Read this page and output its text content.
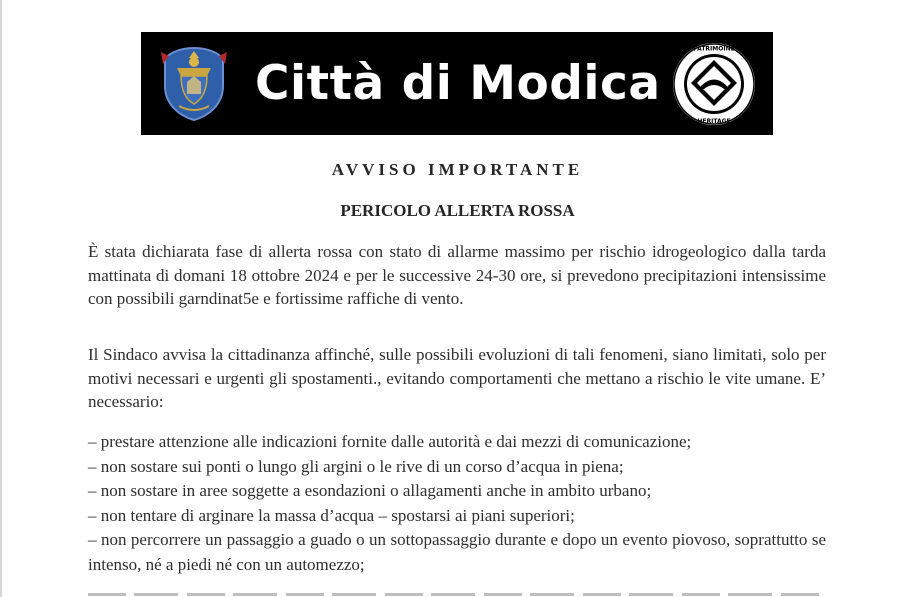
Città di Modica
PATRIMOINE
HERITAGE
AVVISO IMPORTANTE
PERICOLO ALLERTA ROSSA

È stata dichiarata fase di allerta rossa con stato di allarme massimo per rischio idrogeologico dalla tarda mattinata di domani 18 ottobre 2024 e per le successive 24-30 ore, si prevedono precipitazioni intensissime con possibili garndinat5e e fortissime raffiche di vento.

Il Sindaco avvisa la cittadinanza affinché, sulle possibili evoluzioni di tali fenomeni, siano limitati, solo per motivi necessari e urgenti gli spostamenti., evitando comportamenti che mettano a rischio le vite umane. E’ necessario:

– prestare attenzione alle indicazioni fornite dalle autorità e dai mezzi di comunicazione;
– non sostare sui ponti o lungo gli argini o le rive di un corso d’acqua in piena;
– non sostare in aree soggette a esondazioni o allagamenti anche in ambito urbano;
– non tentare di arginare la massa d’acqua – spostarsi ai piani superiori;
– non percorrere un passaggio a guado o un sottopassaggio durante e dopo un evento piovoso, soprattutto se intenso, né a piedi né con un automezzo;
